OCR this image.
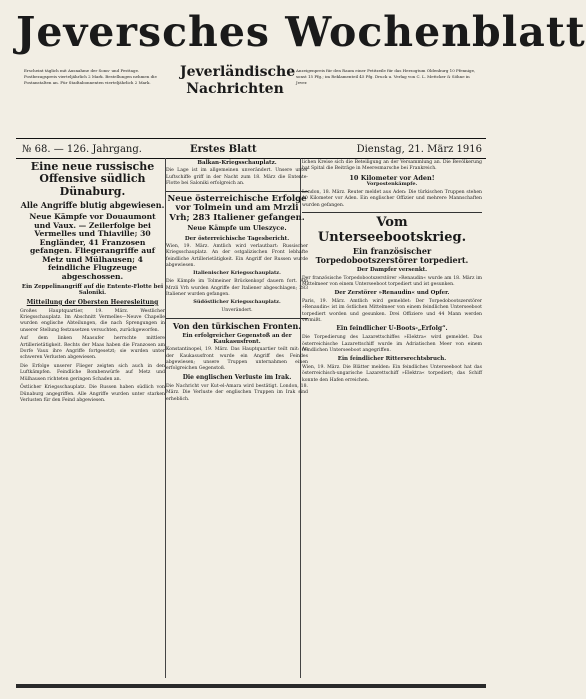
Jeversches Wochenblatt
Erscheint täglich mit Ausnahme der Sonn- und Festtage. Postbezugspreis vierteljährlich 2 Mark. Bestellungen nehmen die Postanstalten an. Für Stadtabonnenten vierteljährlich 2 Mark.
Jeverländische
Nachrichten
Anzeigenpreis für den Raum einer Petitzeile für das Herzogtum Oldenburg 10 Pfennige, sonst 15 Pfg.; im Reklamenteil 45 Pfg. Druck u. Verlag von C. L. Mettcker & Söhne in Jever.
№ 68. — 126. Jahrgang.	Erstes Blatt	Dienstag, 21. März 1916
Eine neue russische Offensive südlich Dünaburg.
Alle Angriffe blutig abgewiesen.
Neue Kämpfe vor Douaumont und Vaux. — Zeilerfolge bei Vermelles und Thiaville; 30 Engländer, 41 Franzosen gefangen. Fliegerangriffe auf Metz und Mülhausen; 4 feindliche Flugzeuge abgeschossen.
Ein Zeppelinangriff auf die Entente-Flotte bei Saloniki.
Mitteilung der Obersten Heeresleitung
Großes Hauptquartier, 19. März. Westlicher Kriegsschauplatz. Im Abschnitt Vermelles—Neuve Chapelle wurden englische Abteilungen, die nach Sprengungen in unserer Stellung festzusetzen versuchten, zurückgeworfen.
Auf dem linken Maasufer herrschte mittlere Artillerietätigkeit. Rechts der Maas haben die Franzosen am Dorfe Vaux ihre Angriffe fortgesetzt; sie wurden unter schweren Verlusten abgewiesen.
Die Erfolge unserer Flieger zeigten sich auch in den Luftkämpfen. Feindliche Bombenwürfe auf Metz und Mülhausen richteten geringen Schaden an.
Östlicher Kriegsschauplatz. Die Russen haben südlich von Dünaburg angegriffen. Alle Angriffe wurden unter starken Verlusten für den Feind abgewiesen.
Balkan-Kriegsschauplatz.
Die Lage ist im allgemeinen unverändert. Unsere unter Luftschiffe griff in der Nacht zum 18. März die Entente-Flotte bei Saloniki erfolgreich an.
Neue österreichische Erfolge vor Tolmein und am Mrzli Vrh; 283 Italiener gefangen.
Neue Kämpfe um Uleszyce.
Der österreichische Tagesbericht.
Wien, 19. März. Amtlich wird verlautbart: Russischer Kriegsschauplatz. An der ostgalizischen Front lebhafte feindliche Artillerietätigkeit. Ein Angriff der Russen wurde abgewiesen.
Italienischer Kriegsschauplatz.
Die Kämpfe im Tolmeiner Brückenkopf dauern fort. Am Mrzli Vrh wurden Angriffe der Italiener abgeschlagen; 283 Italiener wurden gefangen.
Südöstlicher Kriegsschauplatz.
Unverändert.
Von den türkischen Fronten.
Ein erfolgreicher Gegenstoß an der Kaukasusfront.
Konstantinopel, 19. März. Das Hauptquartier teilt mit: An der Kaukasusfront wurde ein Angriff des Feindes abgewiesen; unsere Truppen unternahmen einen erfolgreichen Gegenstoß.
Die englischen Verluste im Irak.
Die Nachricht vor Kut-el-Amara wird bestätigt. London, 18. März. Die Verluste der englischen Truppen im Irak sind erheblich.
lichen Kreise sich die Beteiligung an der Versammlung an. Die Bevölkerung hat Spital die Beiträge in Meeresmarsche bei Frankreich.
10 Kilometer vor Aden!
Vorpostenkämpfe.
London, 18. März. Reuter meldet aus Aden: Die türkischen Truppen stehen 10 Kilometer vor Aden. Ein englischer Offizier und mehrere Mannschaften wurden gefangen.
Vom Unterseebootskrieg.
Ein französischer Torpedobootszerstörer torpediert.
Der Dampfer versenkt.
Der französische Torpedobootszerstörer »Renaudin« wurde am 18. März im Mittelmeer von einem Unterseeboot torpediert und ist gesunken.
Der Zerstörer »Renaudin« und Opfer.
Paris, 19. März. Amtlich wird gemeldet: Der Torpedobootszerstörer »Renaudin« ist im östlichen Mittelmeer von einem feindlichen Unterseeboot torpediert worden und gesunken. Drei Offiziere und 44 Mann werden vermißt.
Ein feindlicher U-Boots-„Erfolg“.
Die Torpedierung des Lazarettschiffes »Elektra« wird gemeldet. Das österreichische Lazarettschiff wurde im Adriatischen Meer von einem feindlichen Unterseeboot angegriffen.
Ein feindlicher Rittersrechtsbruch.
Wien, 19. März. Die Blätter melden: Ein feindliches Unterseeboot hat das österreichisch-ungarische Lazarettschiff »Elektra« torpediert; das Schiff konnte den Hafen erreichen.
